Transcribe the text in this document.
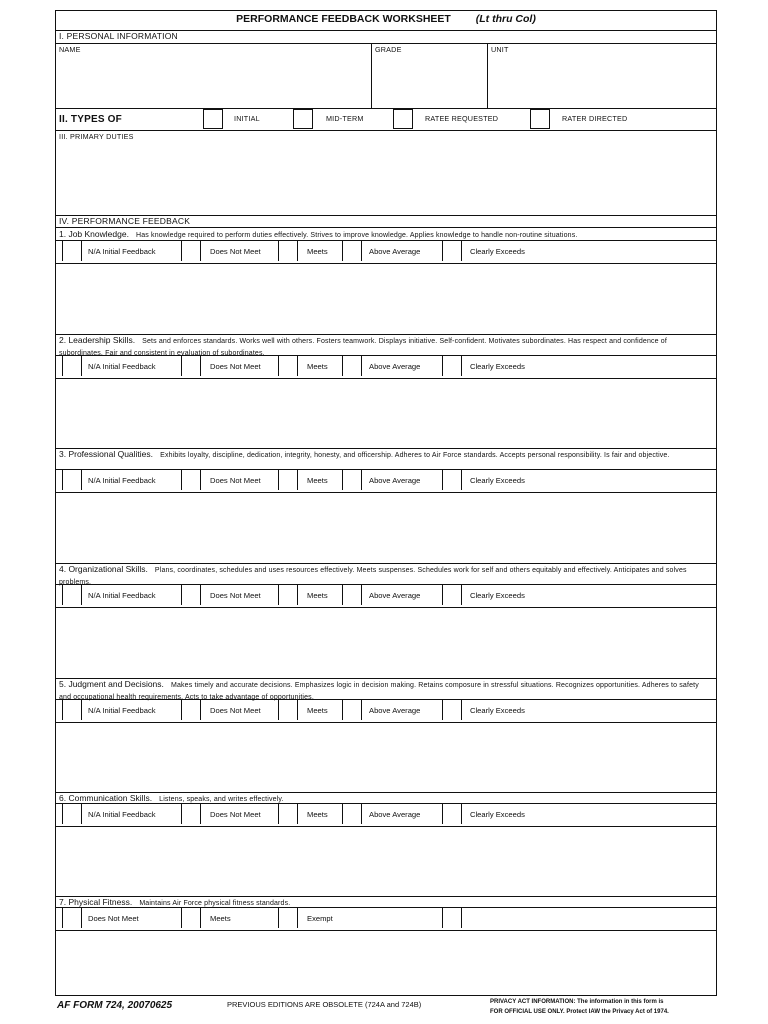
PERFORMANCE FEEDBACK WORKSHEET (Lt thru Col)
I. PERSONAL INFORMATION
NAME	GRADE	UNIT
II. TYPES OF	INITIAL	MID-TERM	RATEE REQUESTED	RATER DIRECTED
III. PRIMARY DUTIES
IV. PERFORMANCE FEEDBACK
1. Job Knowledge. Has knowledge required to perform duties effectively. Strives to improve knowledge. Applies knowledge to handle non-routine situations.
N/A Initial Feedback	Does Not Meet	Meets	Above Average	Clearly Exceeds
2. Leadership Skills. Sets and enforces standards. Works well with others. Fosters teamwork. Displays initiative. Self-confident. Motivates subordinates. Has respect and confidence of subordinates. Fair and consistent in evaluation of subordinates.
N/A Initial Feedback	Does Not Meet	Meets	Above Average	Clearly Exceeds
3. Professional Qualities. Exhibits loyalty, discipline, dedication, integrity, honesty, and officership. Adheres to Air Force standards. Accepts personal responsibility. Is fair and objective.
N/A Initial Feedback	Does Not Meet	Meets	Above Average	Clearly Exceeds
4. Organizational Skills. Plans, coordinates, schedules and uses resources effectively. Meets suspenses. Schedules work for self and others equitably and effectively. Anticipates and solves problems.
N/A Initial Feedback	Does Not Meet	Meets	Above Average	Clearly Exceeds
5. Judgment and Decisions. Makes timely and accurate decisions. Emphasizes logic in decision making. Retains composure in stressful situations. Recognizes opportunities. Adheres to safety and occupational health requirements. Acts to take advantage of opportunities.
N/A Initial Feedback	Does Not Meet	Meets	Above Average	Clearly Exceeds
6. Communication Skills. Listens, speaks, and writes effectively.
N/A Initial Feedback	Does Not Meet	Meets	Above Average	Clearly Exceeds
7. Physical Fitness. Maintains Air Force physical fitness standards.
Does Not Meet	Meets	Exempt
AF FORM 724, 20070625	PREVIOUS EDITIONS ARE OBSOLETE (724A and 724B)	PRIVACY ACT INFORMATION: The information in this form is
FOR OFFICIAL USE ONLY. Protect IAW the Privacy Act of 1974.
